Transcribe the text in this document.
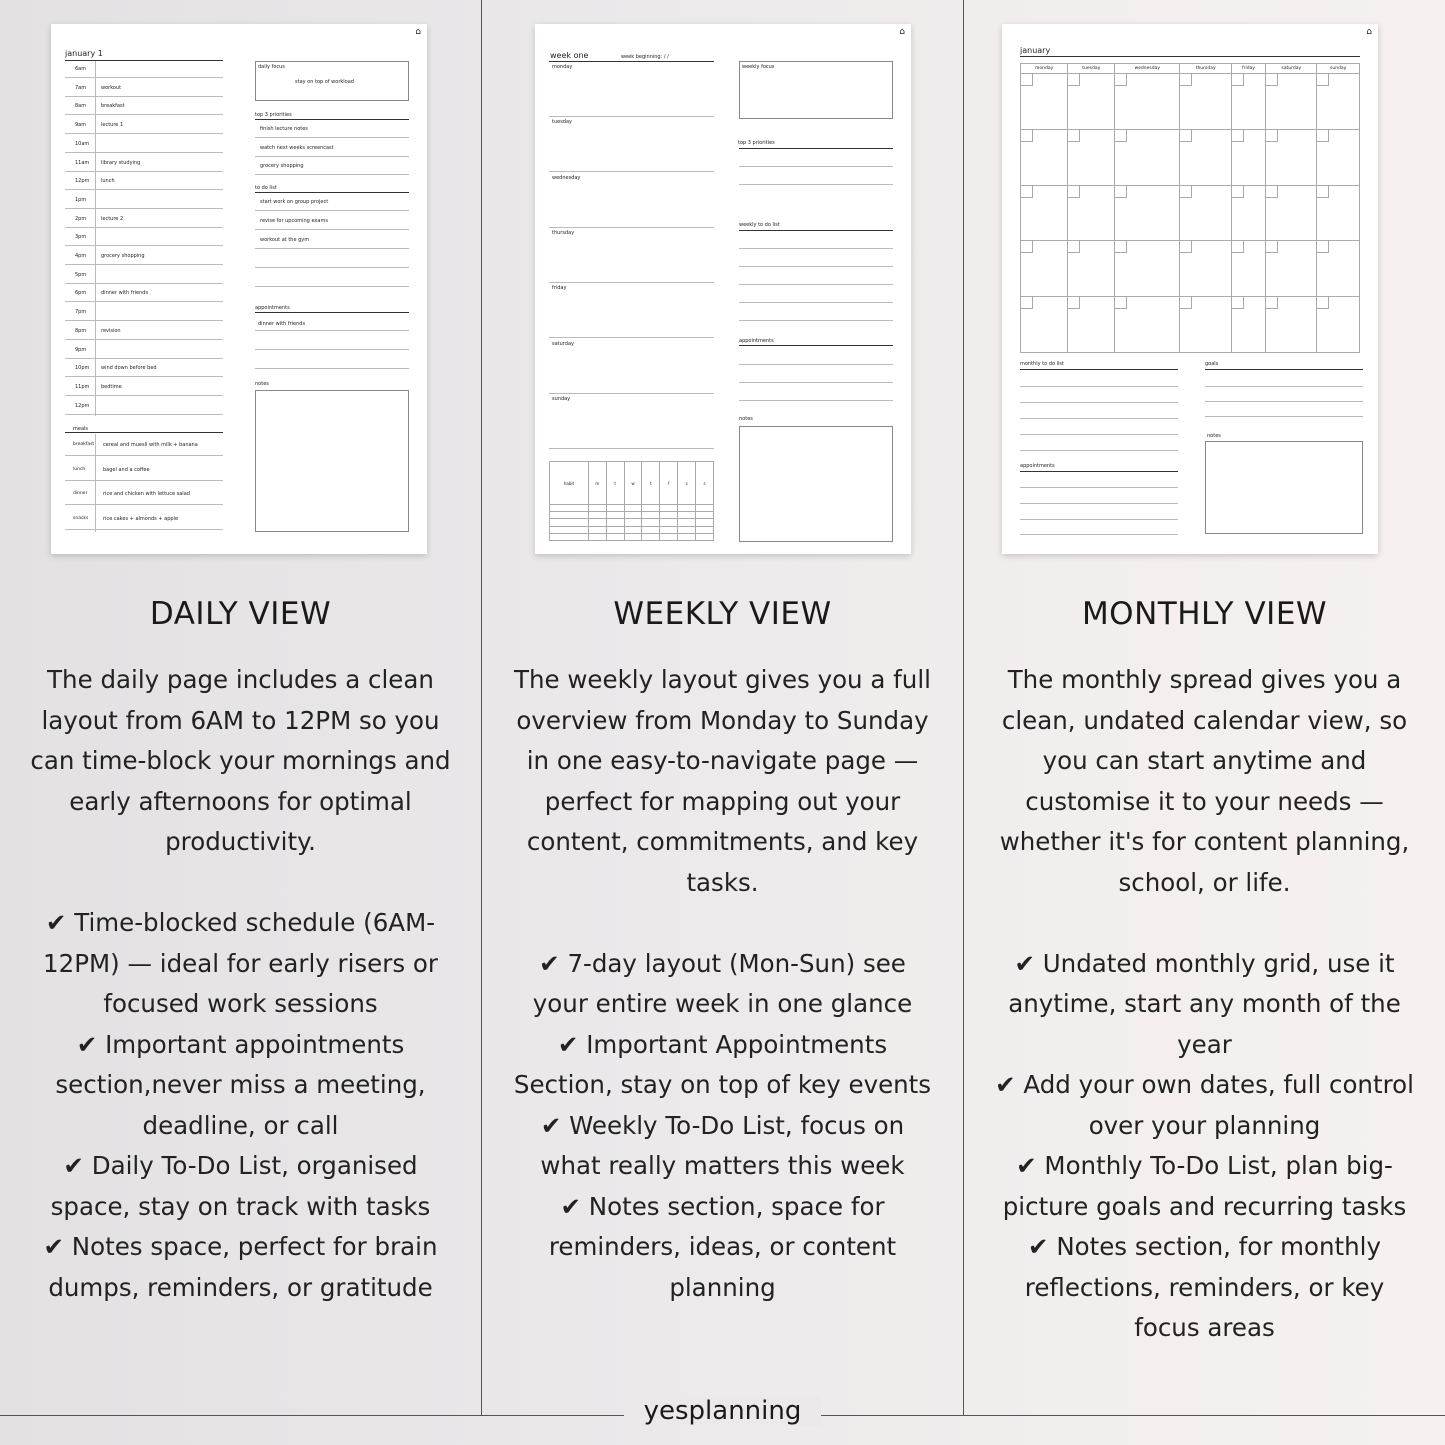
⌂
january 1
6am
7am	workout
8am	breakfast
9am	lecture 1
10am
11am library studying
12pm lunch
1pm
2pm	lecture 2
3pm
4pm	grocery shopping
5pm
6pm	dinner with friends
7pm
8pm	revision
9pm
10pm wind down before bed
11pm bedtime
12pm
meals
breakfast cereal and muesli with milk + banana
lunch	bagel and a coffee
dinner	rice and chicken with lettuce salad
snacks	rice cakes + almonds + apple
daily focus
stay on top of workload
top 3 priorities
finish lecture notes
watch next weeks screencast
grocery shopping
to do list
start work on group project
revise for upcoming exams
workout at the gym
appointments
dinner with friends
notes
DAILY VIEW

The daily page includes a clean layout from 6AM to 12PM so you can time-block your mornings and early afternoons for optimal productivity.

✔ Time-blocked schedule (6AM-12PM) — ideal for early risers or focused work sessions

✔ Important appointments section,never miss a meeting, deadline, or call

✔ Daily To-Do List, organised space, stay on track with tasks

✔ Notes space, perfect for brain dumps, reminders, or gratitude

⌂
week one	week beginning: / /
monday
tuesday
wednesday
thursday
friday
saturday
sunday
weekly focus
top 3 priorities
weekly to do list
appointments
notes
habit	m	t	w	t	f	s	s

WEEKLY VIEW

The weekly layout gives you a full overview from Monday to Sunday in one easy-to-navigate page — perfect for mapping out your content, commitments, and key tasks.

✔ 7-day layout (Mon-Sun) see your entire week in one glance

✔ Important Appointments Section, stay on top of key events

✔ Weekly To-Do List, focus on what really matters this week

✔ Notes section, space for reminders, ideas, or content planning

⌂
january
monday	tuesday	wednesday	thursday	friday	saturday	sunday

monthly to do list
appointments
goals
notes
MONTHLY VIEW

The monthly spread gives you a clean, undated calendar view, so you can start anytime and customise it to your needs — whether it's for content planning, school, or life.

✔ Undated monthly grid, use it anytime, start any month of the year

✔ Add your own dates, full control over your planning

✔ Monthly To-Do List, plan big-picture goals and recurring tasks

✔ Notes section, for monthly reflections, reminders, or key focus areas

yesplanning
